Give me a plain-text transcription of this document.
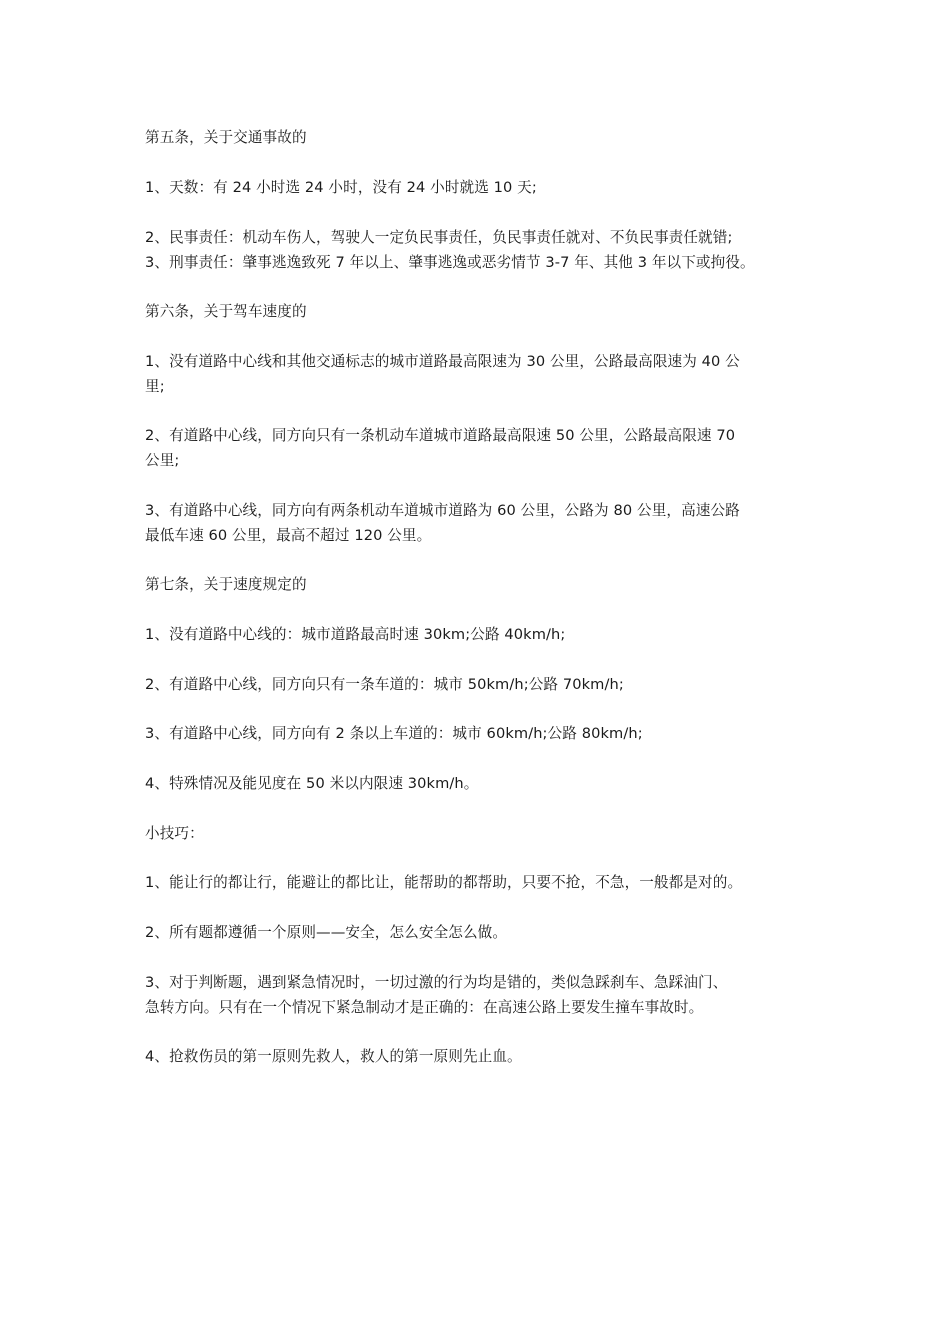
第五条，关于交通事故的
1、天数：有 24 小时选 24 小时，没有 24 小时就选 10 天;
2、民事责任：机动车伤人，驾驶人一定负民事责任，负民事责任就对、不负民事责任就错;
3、刑事责任：肇事逃逸致死 7 年以上、肇事逃逸或恶劣情节 3-7 年、其他 3 年以下或拘役。
第六条，关于驾车速度的
1、没有道路中心线和其他交通标志的城市道路最高限速为 30 公里，公路最高限速为 40 公
里;
2、有道路中心线，同方向只有一条机动车道城市道路最高限速 50 公里，公路最高限速 70
公里;
3、有道路中心线，同方向有两条机动车道城市道路为 60 公里，公路为 80 公里，高速公路
最低车速 60 公里，最高不超过 120 公里。
第七条，关于速度规定的
1、没有道路中心线的：城市道路最高时速 30km;公路 40km/h;
2、有道路中心线，同方向只有一条车道的：城市 50km/h;公路 70km/h;
3、有道路中心线，同方向有 2 条以上车道的：城市 60km/h;公路 80km/h;
4、特殊情况及能见度在 50 米以内限速 30km/h。
小技巧：
1、能让行的都让行，能避让的都比让，能帮助的都帮助，只要不抢，不急，一般都是对的。
2、所有题都遵循一个原则——安全，怎么安全怎么做。
3、对于判断题，遇到紧急情况时，一切过激的行为均是错的，类似急踩刹车、急踩油门、
急转方向。只有在一个情况下紧急制动才是正确的：在高速公路上要发生撞车事故时。
4、抢救伤员的第一原则先救人，救人的第一原则先止血。
